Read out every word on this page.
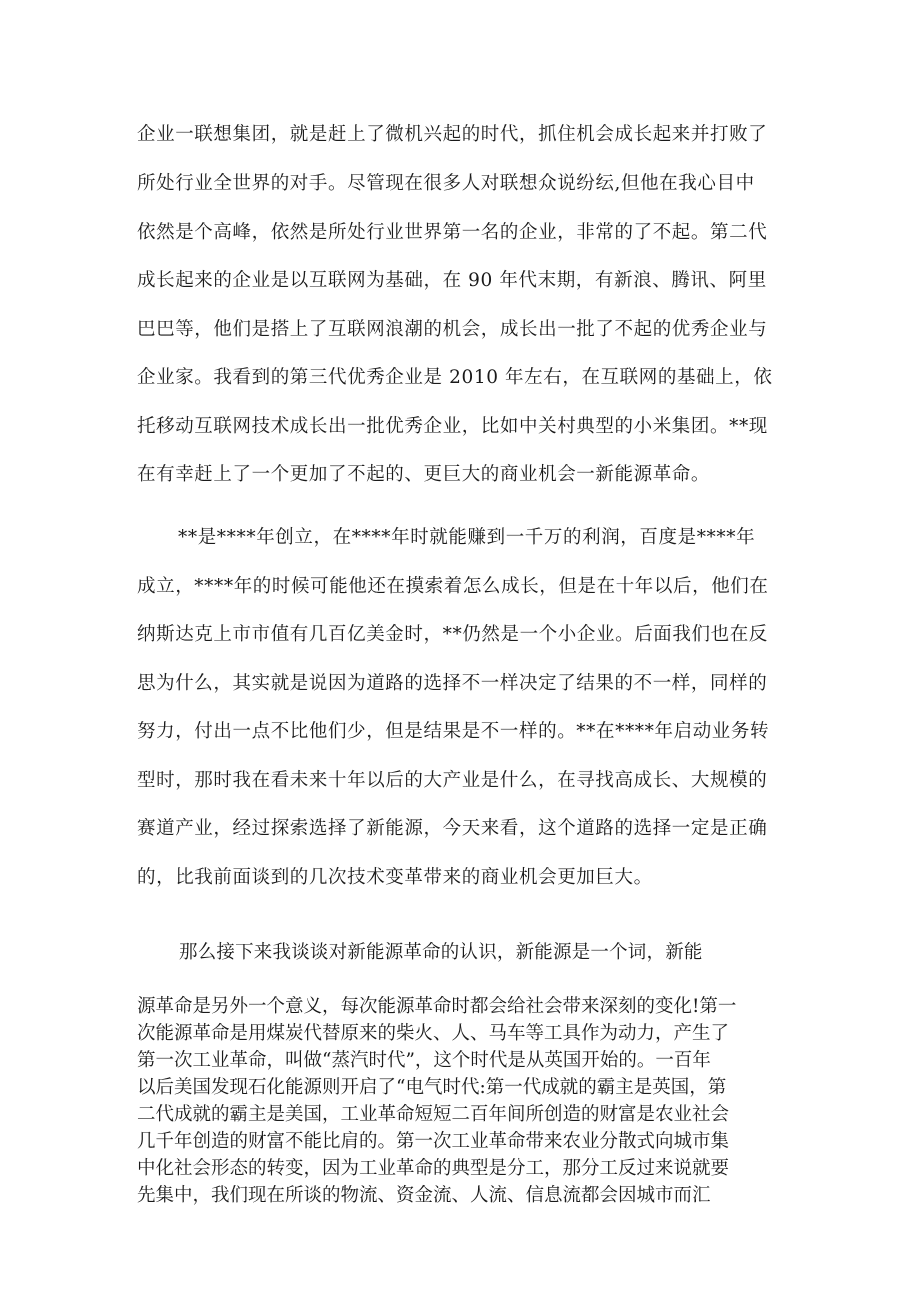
企业一联想集团，就是赶上了微机兴起的时代，抓住机会成长起来并打败了
所处行业全世界的对手。尽管现在很多人对联想众说纷纭,但他在我心目中
依然是个高峰，依然是所处行业世界第一名的企业，非常的了不起。第二代
成长起来的企业是以互联网为基础，在 90 年代末期，有新浪、腾讯、阿里
巴巴等，他们是搭上了互联网浪潮的机会，成长出一批了不起的优秀企业与
企业家。我看到的第三代优秀企业是 2010 年左右，在互联网的基础上，依
托移动互联网技术成长出一批优秀企业，比如中关村典型的小米集团。**现
在有幸赶上了一个更加了不起的、更巨大的商业机会一新能源革命。
**是****年创立，在****年时就能赚到一千万的利润，百度是****年
成立，****年的时候可能他还在摸索着怎么成长，但是在十年以后，他们在
纳斯达克上市市值有几百亿美金时，**仍然是一个小企业。后面我们也在反
思为什么，其实就是说因为道路的选择不一样决定了结果的不一样，同样的
努力，付出一点不比他们少，但是结果是不一样的。**在****年启动业务转
型时，那时我在看未来十年以后的大产业是什么，在寻找高成长、大规模的
赛道产业，经过探索选择了新能源，今天来看，这个道路的选择一定是正确
的，比我前面谈到的几次技术变革带来的商业机会更加巨大。
那么接下来我谈谈对新能源革命的认识，新能源是一个词，新能
源革命是另外一个意义，每次能源革命时都会给社会带来深刻的变化!第一
次能源革命是用煤炭代替原来的柴火、人、马车等工具作为动力，产生了
第一次工业革命，叫做“蒸汽时代”，这个时代是从英国开始的。一百年
以后美国发现石化能源则开启了“电气时代:第一代成就的霸主是英国，第
二代成就的霸主是美国，工业革命短短二百年间所创造的财富是农业社会
几千年创造的财富不能比肩的。第一次工业革命带来农业分散式向城市集
中化社会形态的转变，因为工业革命的典型是分工，那分工反过来说就要
先集中，我们现在所谈的物流、资金流、人流、信息流都会因城市而汇
